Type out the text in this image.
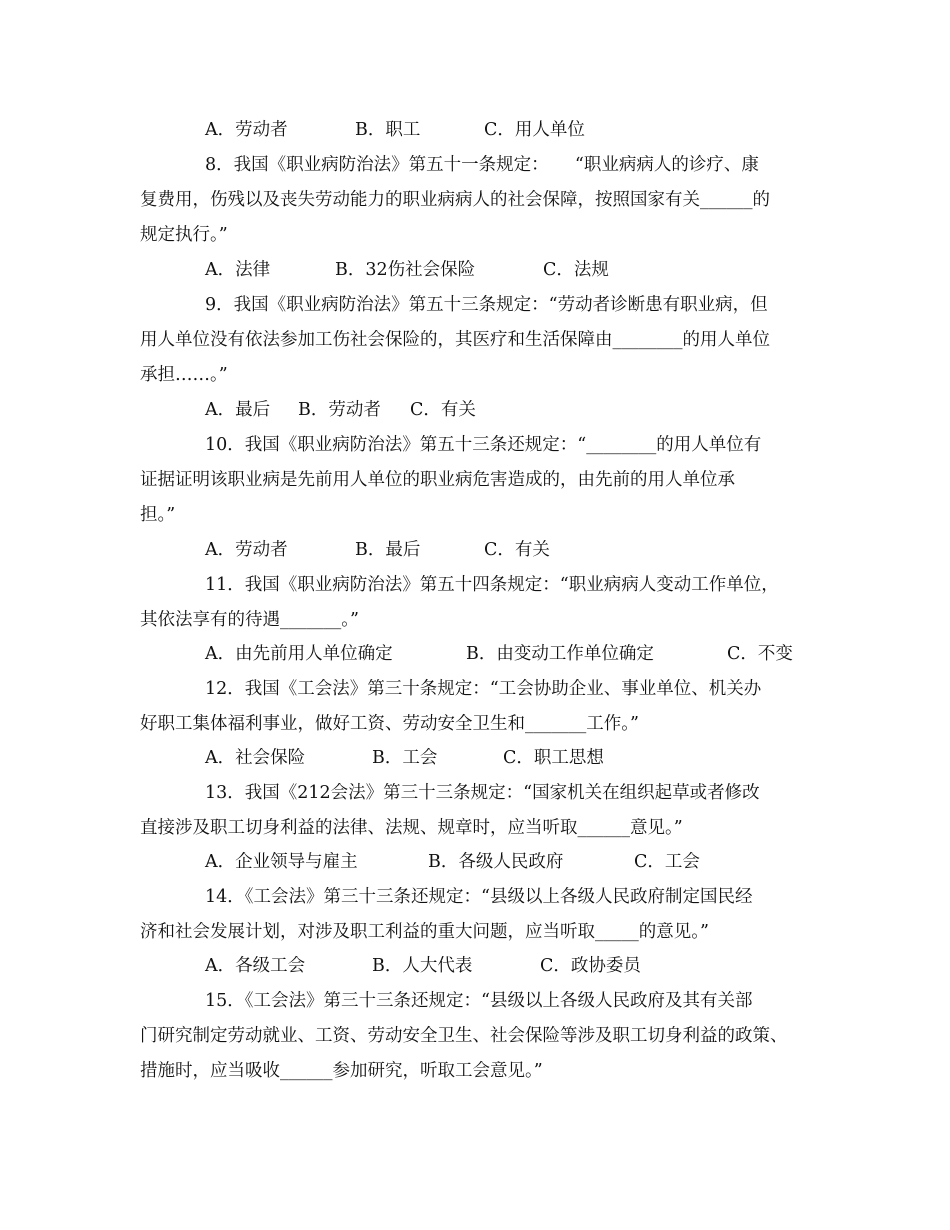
A．劳动者	B．职工	C．用人单位
8．我国《职业病防治法》第五十一条规定：　　“职业病病人的诊疗、康
复费用，伤残以及丧失劳动能力的职业病病人的社会保障，按照国家有关______的
规定执行。”
A．法律	B．32伤社会保险	C．法规
9．我国《职业病防治法》第五十三条规定：“劳动者诊断患有职业病，但
用人单位没有依法参加工伤社会保险的，其医疗和生活保障由________的用人单位
承担……。”
A．最后 B．劳动者 C．有关
10．我国《职业病防治法》第五十三条还规定：“________的用人单位有
证据证明该职业病是先前用人单位的职业病危害造成的，由先前的用人单位承
担。”
A．劳动者	B．最后	C．有关
11．我国《职业病防治法》第五十四条规定：“职业病病人变动工作单位，
其依法享有的待遇_______。”
A．由先前用人单位确定	B．由变动工作单位确定	C．不变
12．我国《工会法》第三十条规定：“工会协助企业、事业单位、机关办
好职工集体福利事业，做好工资、劳动安全卫生和_______工作。”
A．社会保险	B．工会	C．职工思想
13．我国《212会法》第三十三条规定：“国家机关在组织起草或者修改
直接涉及职工切身利益的法律、法规、规章时，应当听取______意见。”
A．企业领导与雇主	B．各级人民政府	C．工会
14．《工会法》第三十三条还规定：“县级以上各级人民政府制定国民经
济和社会发展计划，对涉及职工利益的重大问题，应当听取_____的意见。”
A．各级工会	B．人大代表	C．政协委员
15．《工会法》第三十三条还规定：“县级以上各级人民政府及其有关部
门研究制定劳动就业、工资、劳动安全卫生、社会保险等涉及职工切身利益的政策、
措施时，应当吸收______参加研究，听取工会意见。”
